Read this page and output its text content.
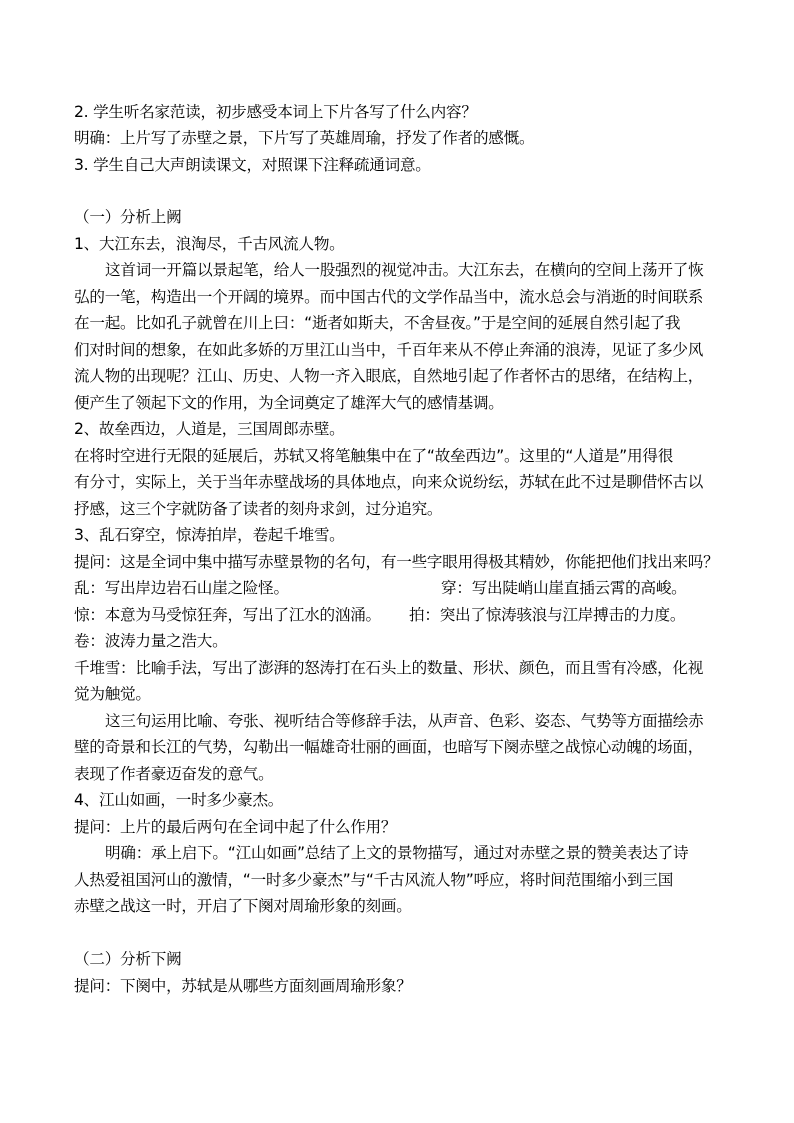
2. 学生听名家范读，初步感受本词上下片各写了什么内容？
明确：上片写了赤壁之景，下片写了英雄周瑜，抒发了作者的感慨。
3. 学生自己大声朗读课文，对照课下注释疏通词意。
（一）分析上阙
1、大江东去，浪淘尽，千古风流人物。
这首词一开篇以景起笔，给人一股强烈的视觉冲击。大江东去，在横向的空间上荡开了恢
弘的一笔，构造出一个开阔的境界。而中国古代的文学作品当中，流水总会与消逝的时间联系
在一起。比如孔子就曾在川上曰：“逝者如斯夫，不舍昼夜。”于是空间的延展自然引起了我
们对时间的想象，在如此多娇的万里江山当中，千百年来从不停止奔涌的浪涛，见证了多少风
流人物的出现呢？江山、历史、人物一齐入眼底，自然地引起了作者怀古的思绪，在结构上，
便产生了领起下文的作用，为全词奠定了雄浑大气的感情基调。
2、故垒西边，人道是，三国周郎赤壁。
在将时空进行无限的延展后，苏轼又将笔触集中在了“故垒西边”。这里的“人道是”用得很
有分寸，实际上，关于当年赤壁战场的具体地点，向来众说纷纭，苏轼在此不过是聊借怀古以
抒感，这三个字就防备了读者的刻舟求剑，过分追究。
3、乱石穿空，惊涛拍岸，卷起千堆雪。
提问：这是全词中集中描写赤壁景物的名句，有一些字眼用得极其精妙，你能把他们找出来吗？
乱：写出岸边岩石山崖之险怪。	穿：写出陡峭山崖直插云霄的高峻。
惊：本意为马受惊狂奔，写出了江水的汹涌。	拍：突出了惊涛骇浪与江岸搏击的力度。
卷：波涛力量之浩大。
千堆雪：比喻手法，写出了澎湃的怒涛打在石头上的数量、形状、颜色，而且雪有冷感，化视
觉为触觉。
这三句运用比喻、夸张、视听结合等修辞手法，从声音、色彩、姿态、气势等方面描绘赤
壁的奇景和长江的气势，勾勒出一幅雄奇壮丽的画面，也暗写下阕赤壁之战惊心动魄的场面，
表现了作者豪迈奋发的意气。
4、江山如画，一时多少豪杰。
提问：上片的最后两句在全词中起了什么作用？
明确：承上启下。“江山如画”总结了上文的景物描写，通过对赤壁之景的赞美表达了诗
人热爱祖国河山的激情，“一时多少豪杰”与“千古风流人物”呼应，将时间范围缩小到三国
赤壁之战这一时，开启了下阕对周瑜形象的刻画。
（二）分析下阙
提问：下阕中，苏轼是从哪些方面刻画周瑜形象？
